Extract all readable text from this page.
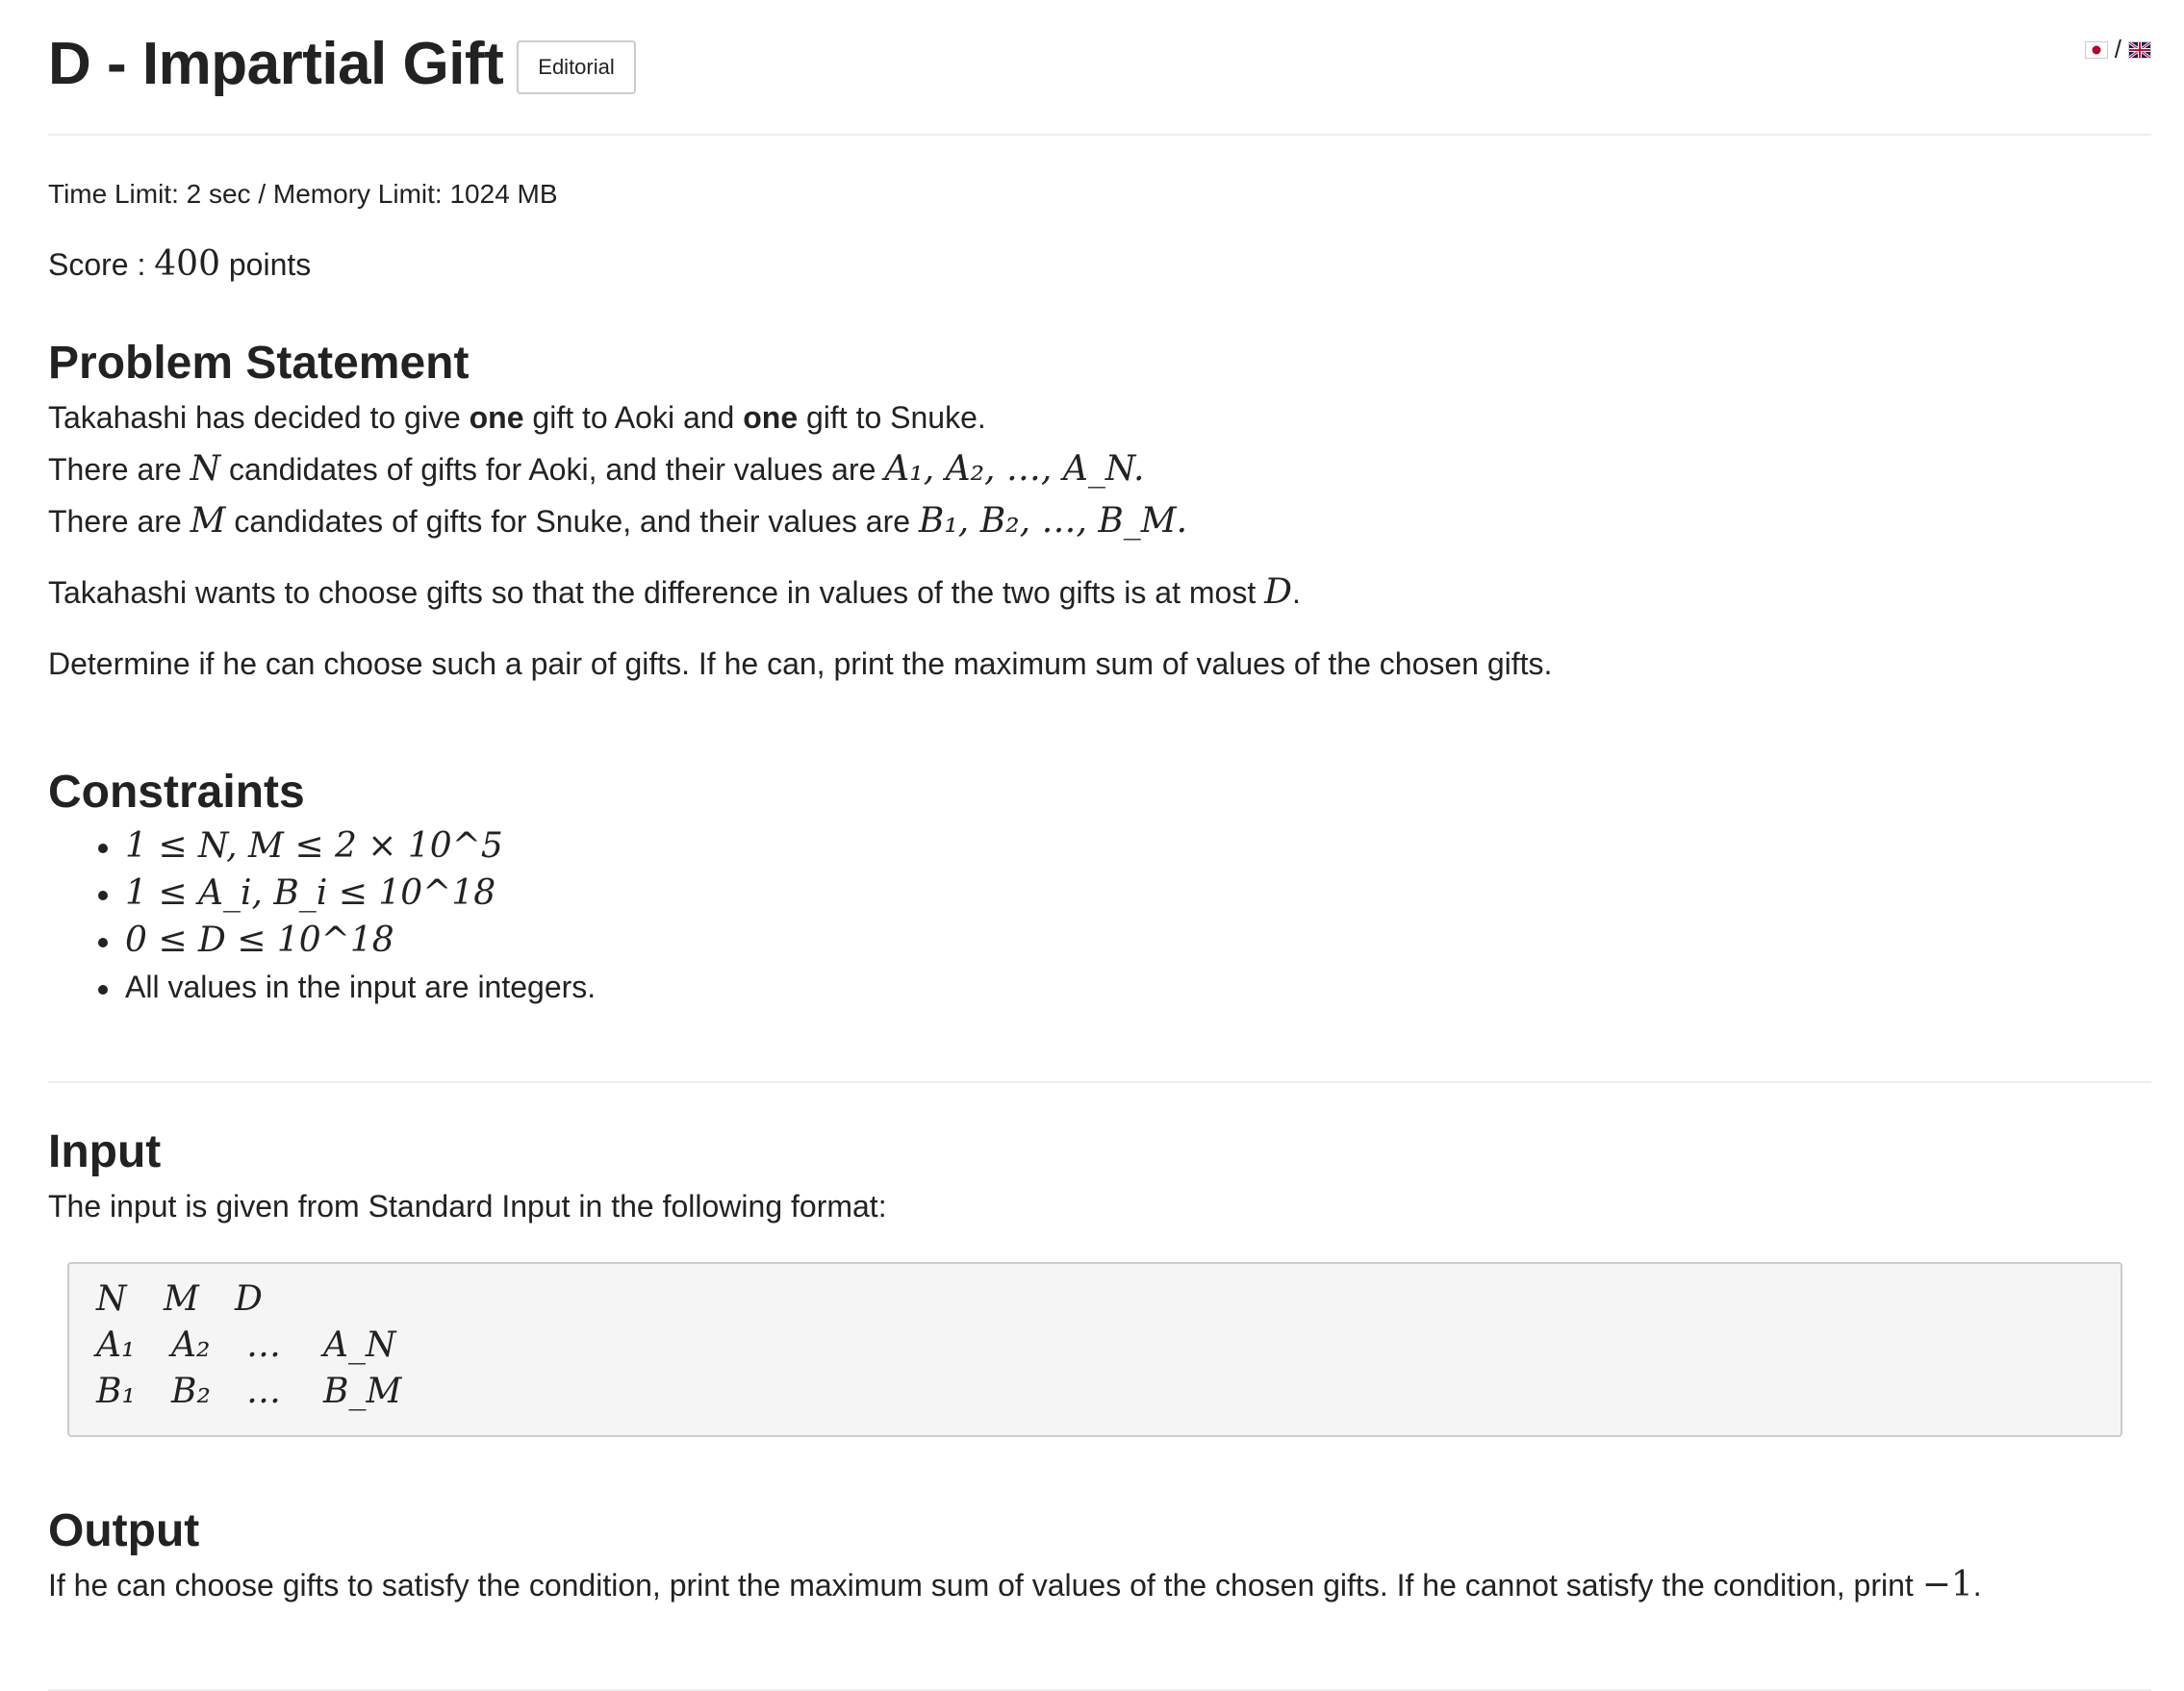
D - Impartial Gift	Editorial
/
Time Limit: 2 sec / Memory Limit: 1024 MB
Score : 400 points
Problem Statement
Takahashi has decided to give one gift to Aoki and one gift to Snuke.
There are N candidates of gifts for Aoki, and their values are A₁, A₂, …, A_N.
There are M candidates of gifts for Snuke, and their values are B₁, B₂, …, B_M.
Takahashi wants to choose gifts so that the difference in values of the two gifts is at most D.
Determine if he can choose such a pair of gifts. If he can, print the maximum sum of values of the chosen gifts.
Constraints
1 ≤ N, M ≤ 2 × 10^5
1 ≤ A_i, B_i ≤ 10^18
0 ≤ D ≤ 10^18
All values in the input are integers.
Input
The input is given from Standard Input in the following format:
N M D
A₁ A₂ … A_N
B₁ B₂ … B_M
Output
If he can choose gifts to satisfy the condition, print the maximum sum of values of the chosen gifts. If he cannot satisfy the condition, print −1.
